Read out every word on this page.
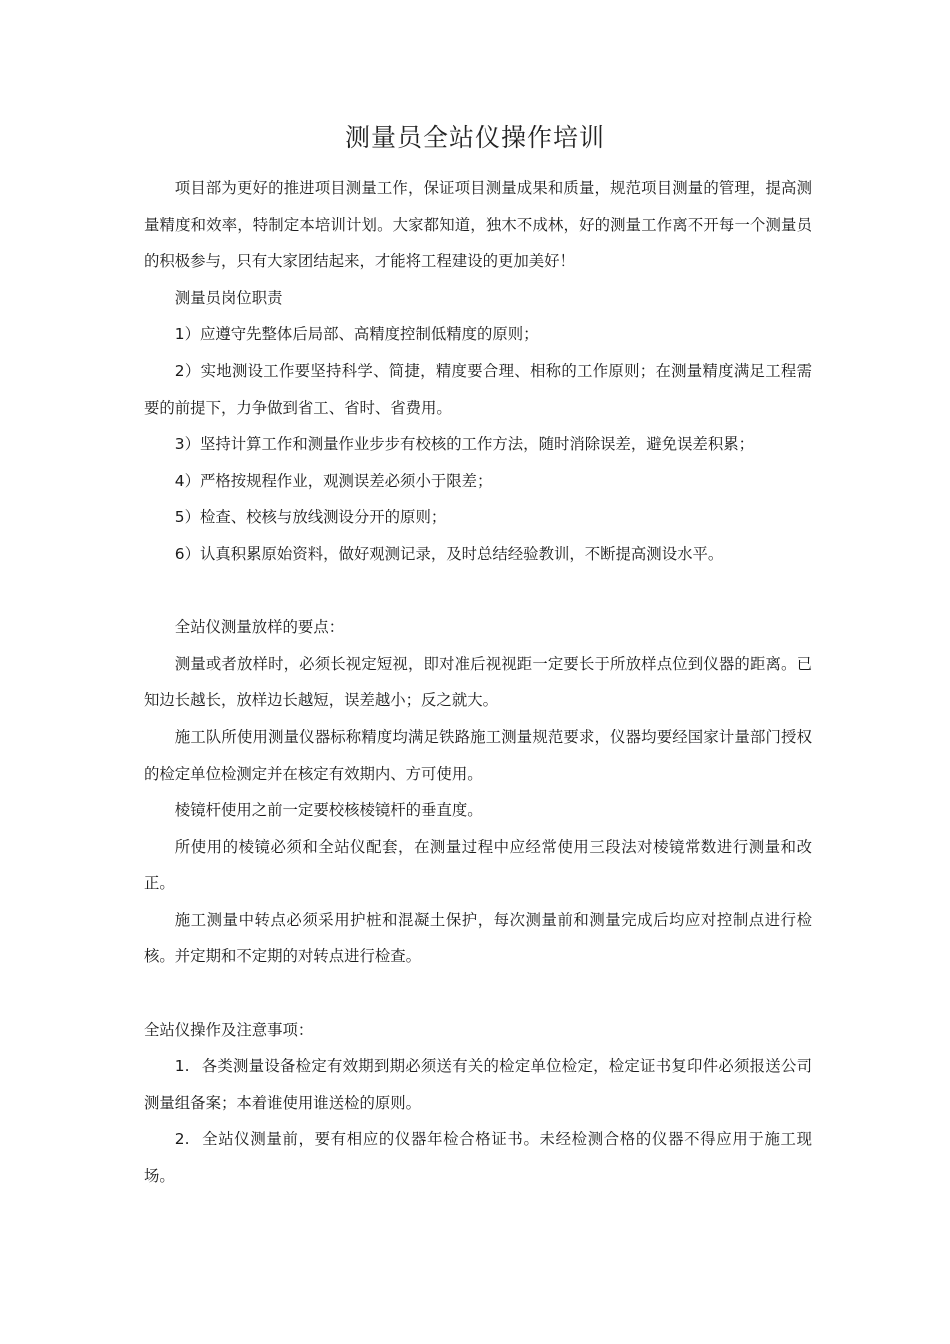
测量员全站仪操作培训

项目部为更好的推进项目测量工作，保证项目测量成果和质量，规范项目测量的管理，提高测量精度和效率，特制定本培训计划。大家都知道，独木不成林，好的测量工作离不开每一个测量员的积极参与，只有大家团结起来，才能将工程建设的更加美好！

测量员岗位职责

1）应遵守先整体后局部、高精度控制低精度的原则；

2）实地测设工作要坚持科学、简捷，精度要合理、相称的工作原则；在测量精度满足工程需要的前提下，力争做到省工、省时、省费用。

3）坚持计算工作和测量作业步步有校核的工作方法，随时消除误差，避免误差积累；

4）严格按规程作业，观测误差必须小于限差；

5）检查、校核与放线测设分开的原则；

6）认真积累原始资料，做好观测记录，及时总结经验教训，不断提高测设水平。

全站仪测量放样的要点：

测量或者放样时，必须长视定短视，即对准后视视距一定要长于所放样点位到仪器的距离。已知边长越长，放样边长越短，误差越小；反之就大。

施工队所使用测量仪器标称精度均满足铁路施工测量规范要求，仪器均要经国家计量部门授权的检定单位检测定并在核定有效期内、方可使用。

棱镜杆使用之前一定要校核棱镜杆的垂直度。

所使用的棱镜必须和全站仪配套，在测量过程中应经常使用三段法对棱镜常数进行测量和改正。

施工测量中转点必须采用护桩和混凝土保护，每次测量前和测量完成后均应对控制点进行检核。并定期和不定期的对转点进行检查。

全站仪操作及注意事项：

1. 各类测量设备检定有效期到期必须送有关的检定单位检定，检定证书复印件必须报送公司测量组备案；本着谁使用谁送检的原则。

2. 全站仪测量前，要有相应的仪器年检合格证书。未经检测合格的仪器不得应用于施工现场。
